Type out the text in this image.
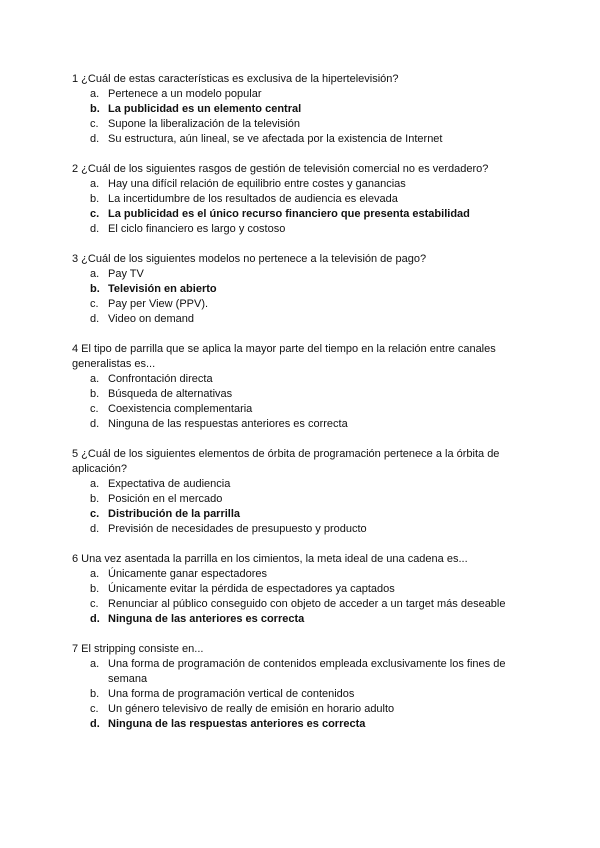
1 ¿Cuál de estas características es exclusiva de la hipertelevisión?

a. Pertenece a un modelo popular
b. La publicidad es un elemento central
c. Supone la liberalización de la televisión
d. Su estructura, aún lineal, se ve afectada por la existencia de Internet

2 ¿Cuál de los siguientes rasgos de gestión de televisión comercial no es verdadero?

a. Hay una difícil relación de equilibrio entre costes y ganancias
b. La incertidumbre de los resultados de audiencia es elevada
c. La publicidad es el único recurso financiero que presenta estabilidad
d. El ciclo financiero es largo y costoso

3 ¿Cuál de los siguientes modelos no pertenece a la televisión de pago?

a. Pay TV
b. Televisión en abierto
c. Pay per View (PPV).
d. Video on demand

4 El tipo de parrilla que se aplica la mayor parte del tiempo en la relación entre canales generalistas es...

a. Confrontación directa
b. Búsqueda de alternativas
c. Coexistencia complementaria
d. Ninguna de las respuestas anteriores es correcta

5 ¿Cuál de los siguientes elementos de órbita de programación pertenece a la órbita de aplicación?

a. Expectativa de audiencia
b. Posición en el mercado
c. Distribución de la parrilla
d. Previsión de necesidades de presupuesto y producto

6 Una vez asentada la parrilla en los cimientos, la meta ideal de una cadena es...

a. Únicamente ganar espectadores
b. Únicamente evitar la pérdida de espectadores ya captados
c. Renunciar al público conseguido con objeto de acceder a un target más deseable
d. Ninguna de las anteriores es correcta

7 El stripping consiste en...

a. Una forma de programación de contenidos empleada exclusivamente los fines de semana
b. Una forma de programación vertical de contenidos
c. Un género televisivo de really de emisión en horario adulto
d. Ninguna de las respuestas anteriores es correcta
